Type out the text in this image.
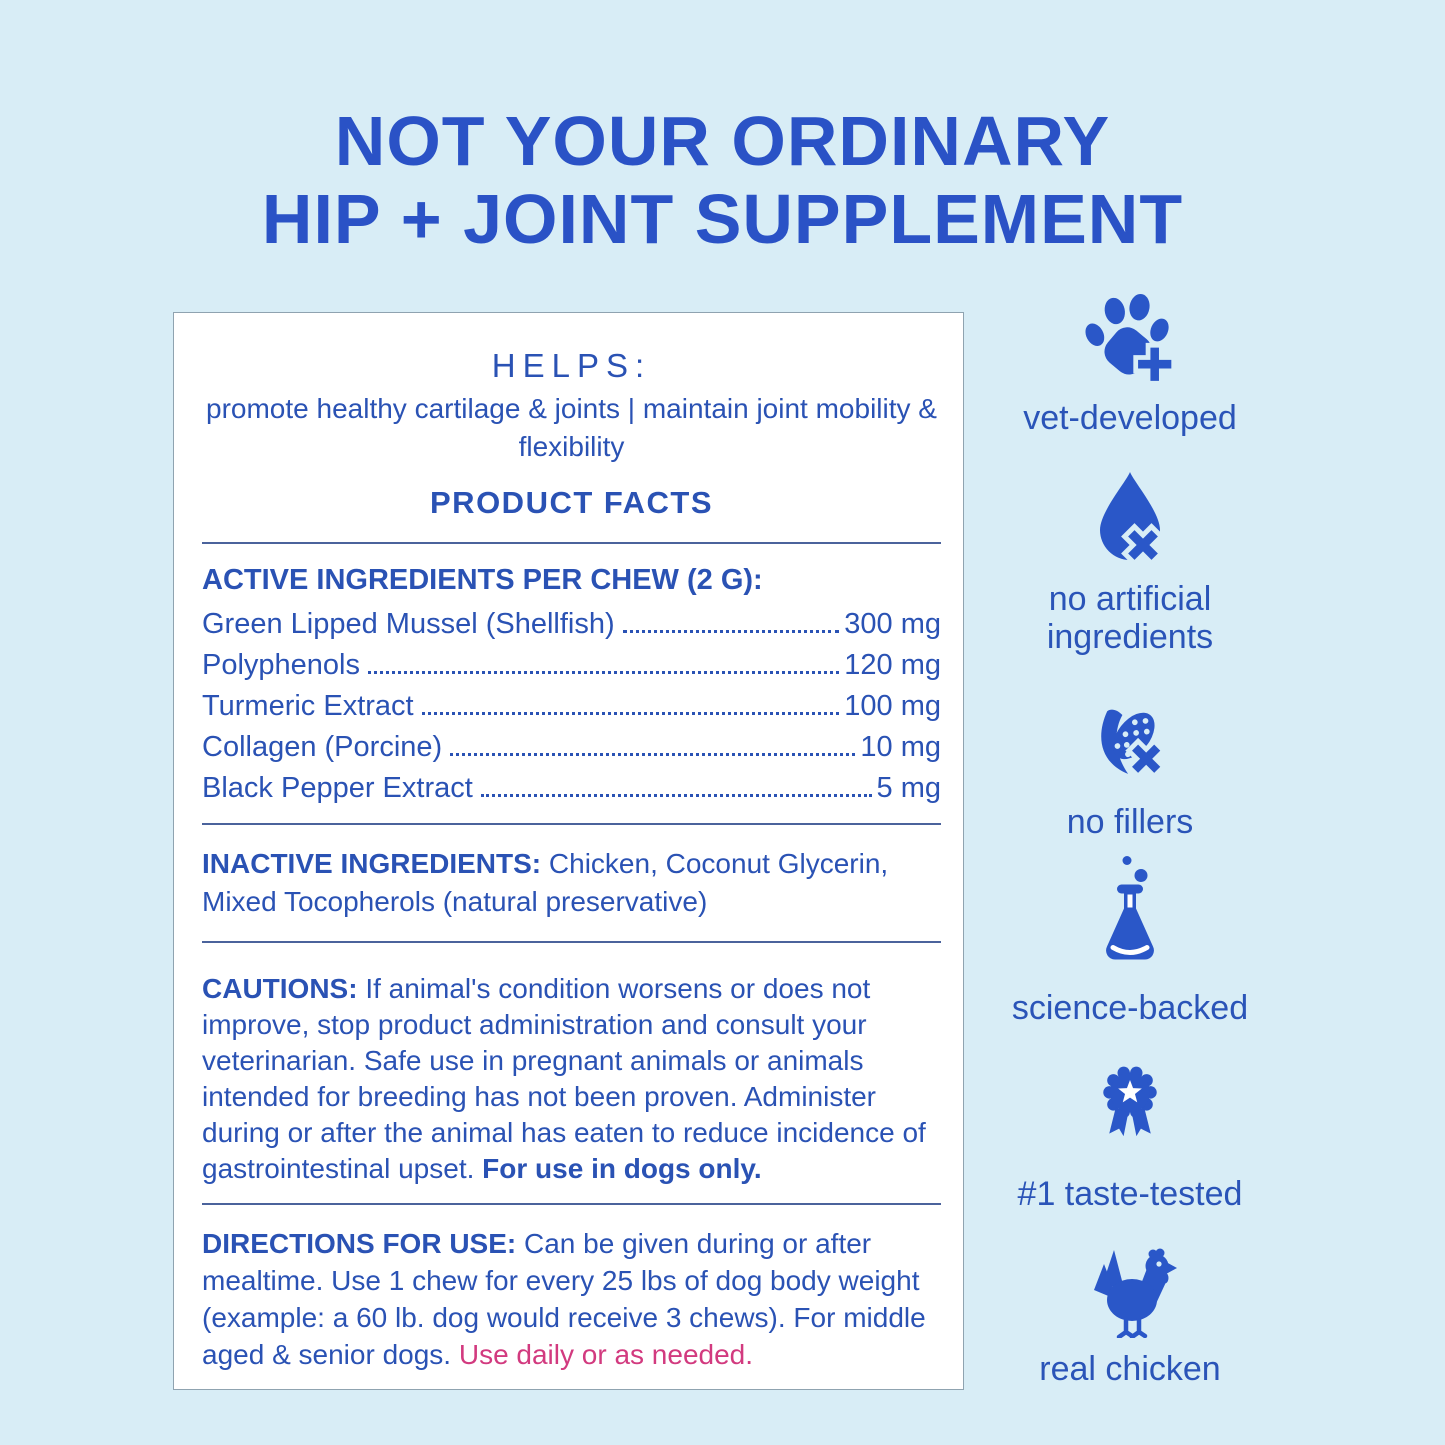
NOT YOUR ORDINARY
HIP + JOINT SUPPLEMENT
HELPS:
promote healthy cartilage & joints | maintain joint mobility & flexibility
PRODUCT FACTS
ACTIVE INGREDIENTS PER CHEW (2 G):
Green Lipped Mussel (Shellfish)	300 mg
Polyphenols	120 mg
Turmeric Extract	100 mg
Collagen (Porcine)	10 mg
Black Pepper Extract	5 mg
INACTIVE INGREDIENTS: Chicken, Coconut Glycerin, Mixed Tocopherols (natural preservative)
CAUTIONS: If animal's condition worsens or does not improve, stop product administration and consult your veterinarian. Safe use in pregnant animals or animals intended for breeding has not been proven. Administer during or after the animal has eaten to reduce incidence of gastrointestinal upset. For use in dogs only.
DIRECTIONS FOR USE: Can be given during or after mealtime. Use 1 chew for every 25 lbs of dog body weight (example: a 60 lb. dog would receive 3 chews). For middle aged & senior dogs. Use daily or as needed.
vet-developed
no artificial ingredients
no fillers
science-backed
#1 taste-tested
real chicken
